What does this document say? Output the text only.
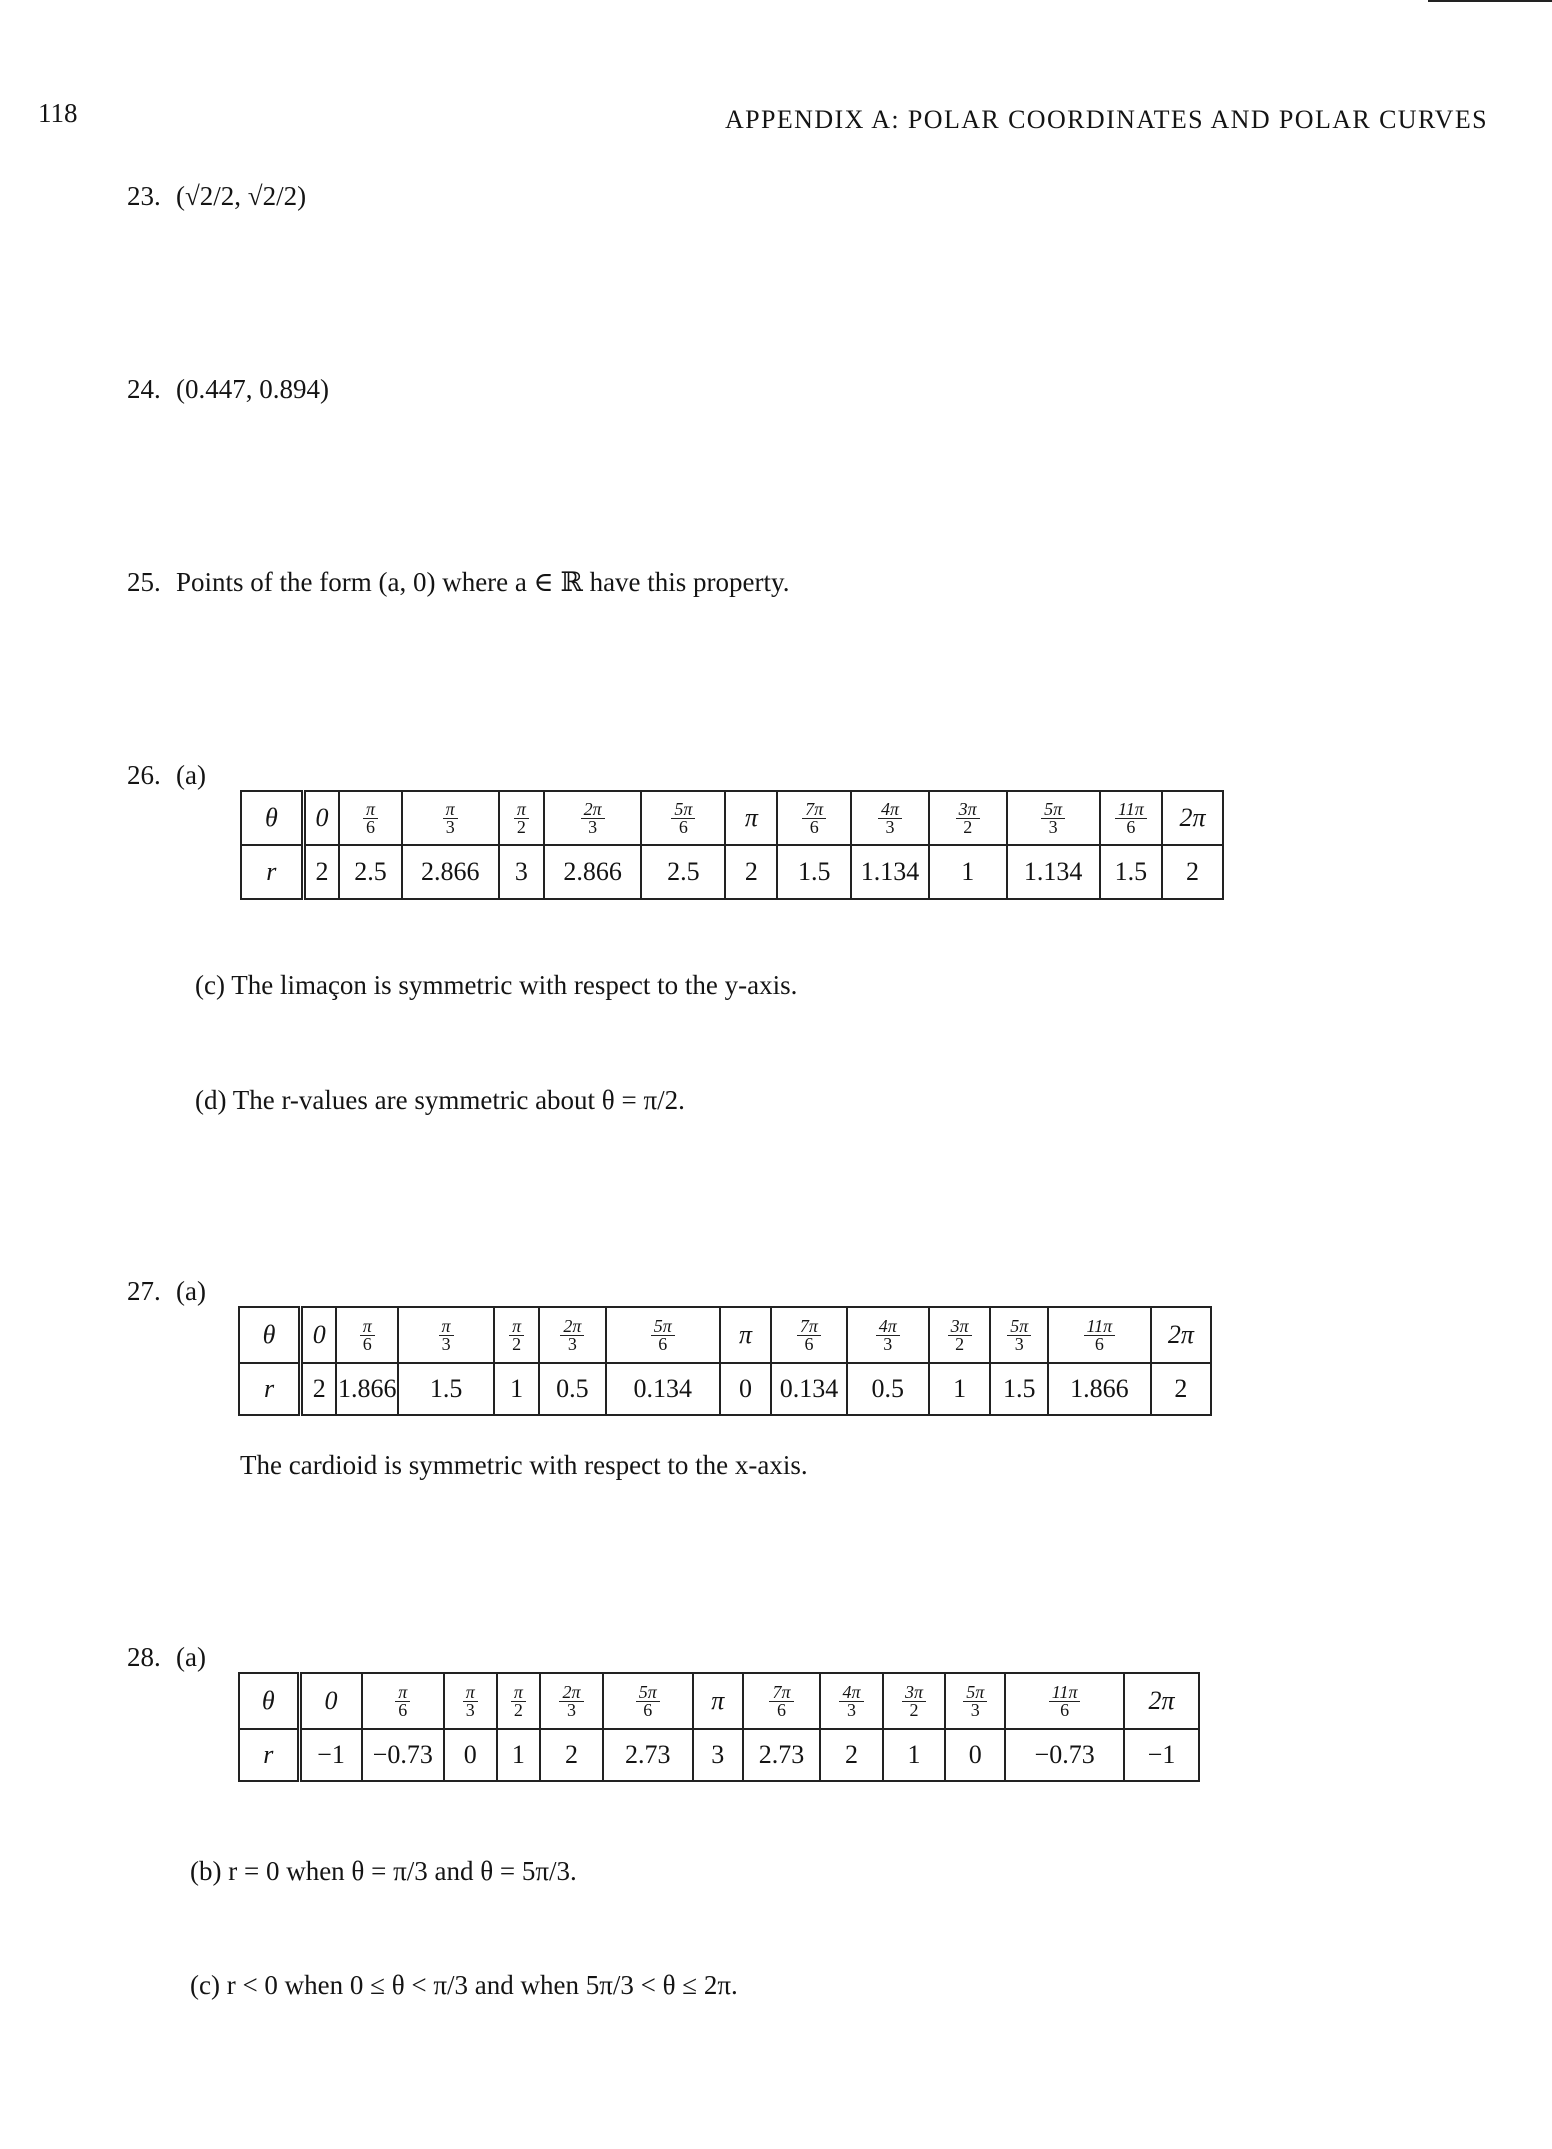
118	APPENDIX A: POLAR COORDINATES AND POLAR CURVES
23. (√2/2, √2/2)
24. (0.447, 0.894)
25. Points of the form (a, 0) where a ∈ ℝ have this property.
26. (a)
θ	0	$\frac{\pi}{6}$	$\frac{\pi}{3}$	$\frac{\pi}{2}$	$\frac{2\pi}{3}$	$\frac{5\pi}{6}$	π	$\frac{7\pi}{6}$	$\frac{4\pi}{3}$	$\frac{3\pi}{2}$	$\frac{5\pi}{3}$	$\frac{11\pi}{6}$	2π
r	2	2.5	2.866	3	2.866	2.5	2	1.5	1.134	1	1.134	1.5	2
(c) The limaçon is symmetric with respect to the y-axis.
(d) The r-values are symmetric about θ = π/2.
27. (a)
θ	0	$\frac{\pi}{6}$	$\frac{\pi}{3}$	$\frac{\pi}{2}$	$\frac{2\pi}{3}$	$\frac{5\pi}{6}$	π	$\frac{7\pi}{6}$	$\frac{4\pi}{3}$	$\frac{3\pi}{2}$	$\frac{5\pi}{3}$	$\frac{11\pi}{6}$	2π
r	2	1.866	1.5	1	0.5	0.134	0	0.134	0.5	1	1.5	1.866	2
The cardioid is symmetric with respect to the x-axis.
28. (a)
θ	0	$\frac{\pi}{6}$	$\frac{\pi}{3}$	$\frac{\pi}{2}$	$\frac{2\pi}{3}$	$\frac{5\pi}{6}$	π	$\frac{7\pi}{6}$	$\frac{4\pi}{3}$	$\frac{3\pi}{2}$	$\frac{5\pi}{3}$	$\frac{11\pi}{6}$	2π
r	−1	−0.73	0	1	2	2.73	3	2.73	2	1	0	−0.73	−1
(b) r = 0 when θ = π/3 and θ = 5π/3.
(c) r < 0 when 0 ≤ θ < π/3 and when 5π/3 < θ ≤ 2π.
